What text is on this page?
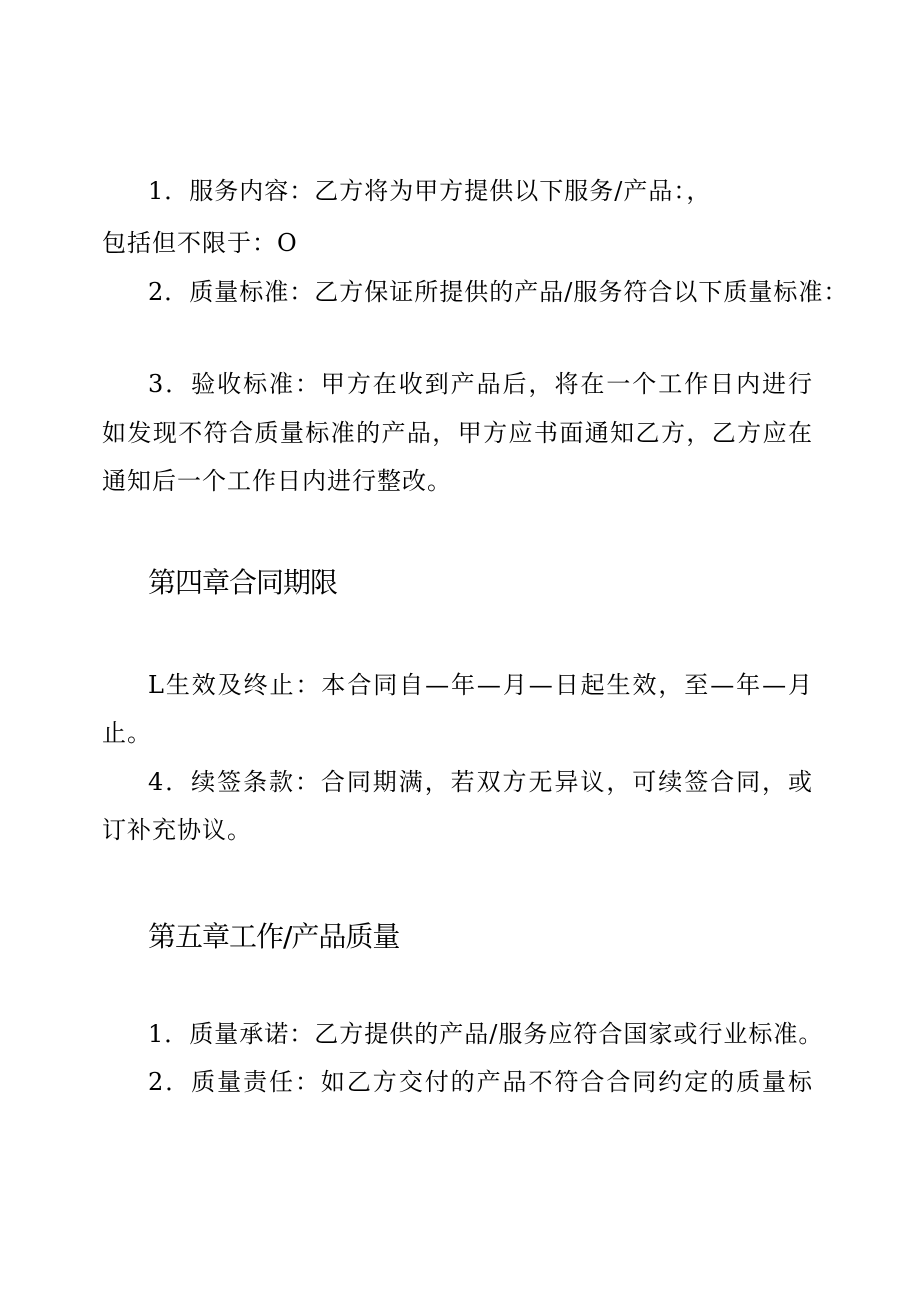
1．服务内容：乙方将为甲方提供以下服务/产品：，
包括但不限于：O
2．质量标准：乙方保证所提供的产品/服务符合以下质量标准：
3．验收标准：甲方在收到产品后，将在一个工作日内进行
如发现不符合质量标准的产品，甲方应书面通知乙方，乙方应在
通知后一个工作日内进行整改。
第四章合同期限
L生效及终止：本合同自—年—月—日起生效，至—年—月
止。
4．续签条款：合同期满，若双方无异议，可续签合同，或
订补充协议。
第五章工作/产品质量
1．质量承诺：乙方提供的产品/服务应符合国家或行业标准。
2．质量责任：如乙方交付的产品不符合合同约定的质量标
